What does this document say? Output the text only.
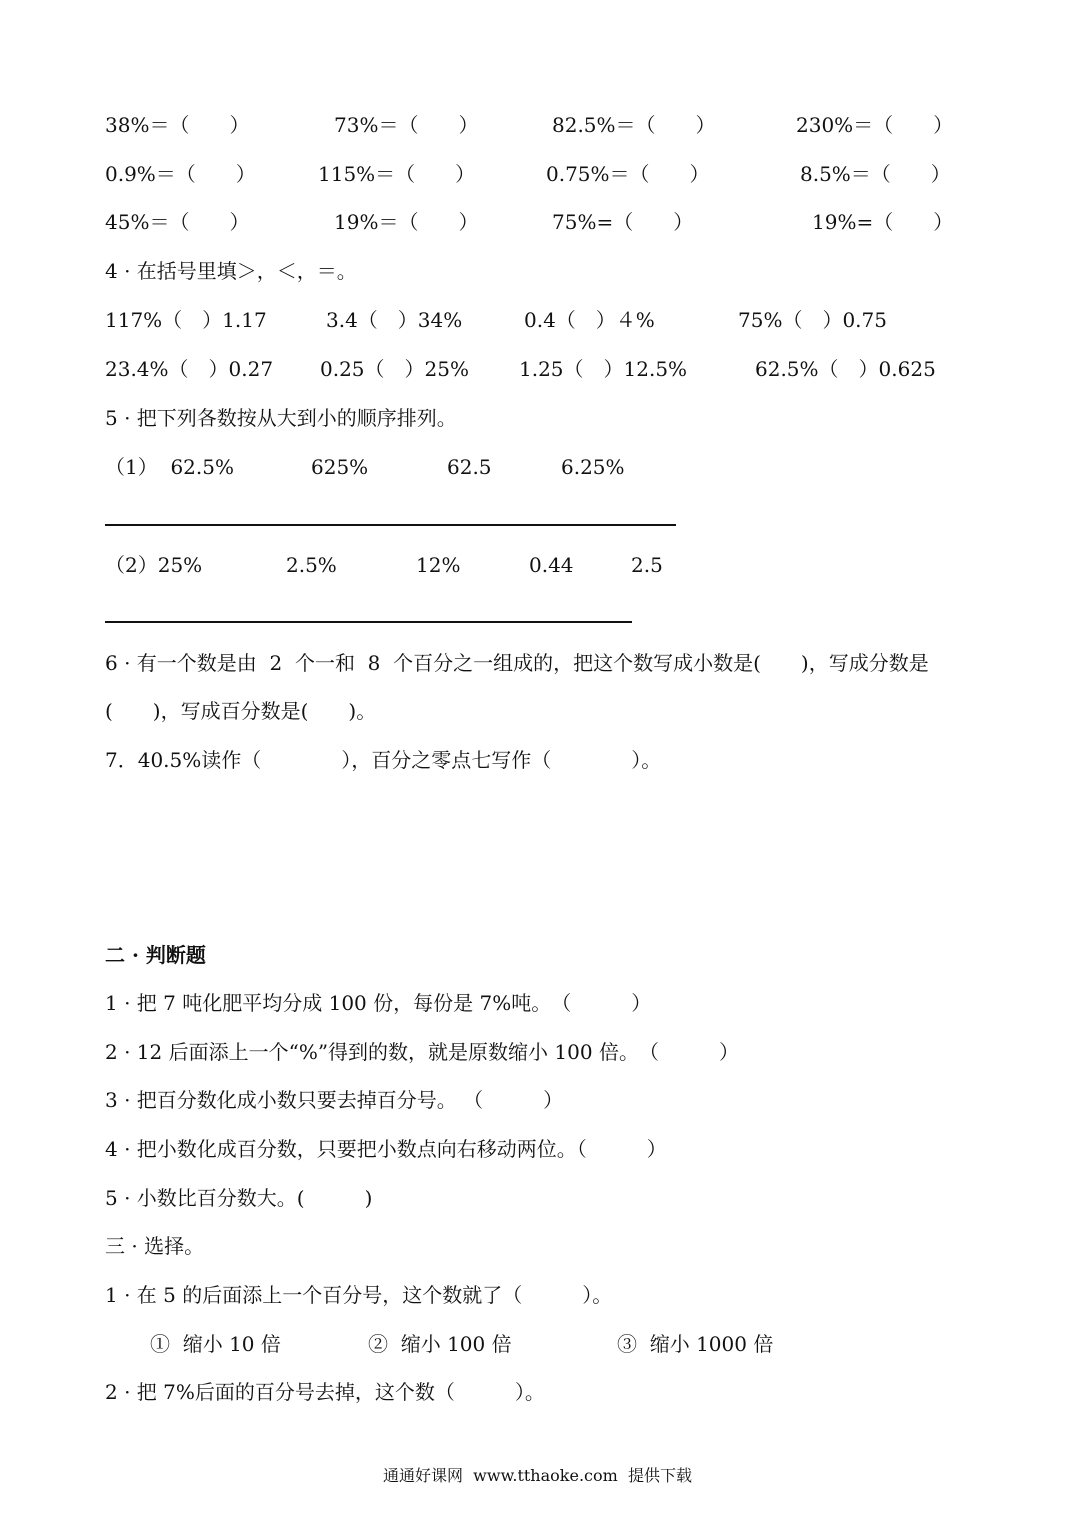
38%＝（　　）	73%＝（　　）	82.5%＝（　　）	230%＝（　　）
0.9%＝（　　）	115%＝（　　）	0.75%＝（　　）	8.5%＝（　　）
45%＝（　　）	19%＝（　　）	75%=（　　）	19%=（　　）
4 · 在括号里填＞，＜，＝。
117%（　）1.17	3.4（　）34%	0.4（　）４%	75%（　）0.75
23.4%（　）0.27 0.25（　）25%	1.25（　）12.5%	62.5%（　）0.625
5 · 把下列各数按从大到小的顺序排列。
（1）  62.5%	625%	62.5	6.25%
（2）25%	2.5%	12%	0.44	2.5
6 · 有一个数是由  2  个一和  8  个百分之一组成的，把这个数写成小数是(　　)，写成分数是
(　　)，写成百分数是(　　)。
7．40.5%读作（　　　　），百分之零点七写作（　　　　）。
二 · 判断题
1 · 把 7 吨化肥平均分成 100 份，每份是 7%吨。　（　　　）
2 · 12 后面添上一个“%”得到的数，就是原数缩小 100 倍。　（　　　）
3 · 把百分数化成小数只要去掉百分号。 （　　　）
4 · 把小数化成百分数，只要把小数点向右移动两位。（　　　）
5 · 小数比百分数大。(　　　)
三 · 选择。
1 · 在 5 的后面添上一个百分号，这个数就了（　　　）。
①  缩小 10 倍	②  缩小 100 倍	③  缩小 1000 倍
2 · 把 7%后面的百分号去掉，这个数（　　　）。
通通好课网  www.tthaoke.com  提供下载
